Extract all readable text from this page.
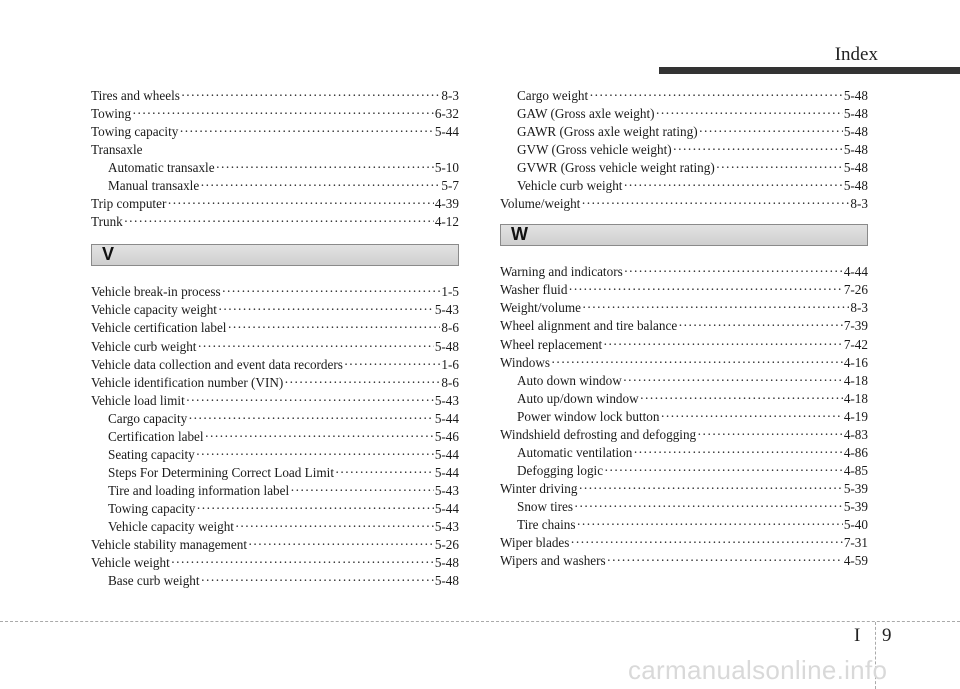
Index
Tires and wheels ·····	8-3
Towing ·····	6-32
Towing capacity ·····	5-44
Transaxle
Automatic transaxle ·····	5-10
Manual transaxle ·····	5-7
Trip computer ·····	4-39
Trunk ·····	4-12
V
Vehicle break-in process ·····	1-5
Vehicle capacity weight ·····	5-43
Vehicle certification label ·····	8-6
Vehicle curb weight ·····	5-48
Vehicle data collection and event data recorders ·····	1-6
Vehicle identification number (VIN) ·····	8-6
Vehicle load limit ·····	5-43
Cargo capacity ·····	5-44
Certification label ·····	5-46
Seating capacity ·····	5-44
Steps For Determining Correct Load Limit ·····	5-44
Tire and loading information label ·····	5-43
Towing capacity ·····	5-44
Vehicle capacity weight ·····	5-43
Vehicle stability management ·····	5-26
Vehicle weight ·····	5-48
Base curb weight ·····	5-48
Cargo weight ·····	5-48
GAW (Gross axle weight) ·····	5-48
GAWR (Gross axle weight rating) ·····	5-48
GVW (Gross vehicle weight) ·····	5-48
GVWR (Gross vehicle weight rating) ·····	5-48
Vehicle curb weight ·····	5-48
Volume/weight ·····	8-3
W
Warning and indicators ·····	4-44
Washer fluid ·····	7-26
Weight/volume ·····	8-3
Wheel alignment and tire balance ·····	7-39
Wheel replacement ·····	7-42
Windows ·····	4-16
Auto down window ·····	4-18
Auto up/down window ·····	4-18
Power window lock button ·····	4-19
Windshield defrosting and defogging ·····	4-83
Automatic ventilation ·····	4-86
Defogging logic ·····	4-85
Winter driving ·····	5-39
Snow tires ·····	5-39
Tire chains ·····	5-40
Wiper blades ·····	7-31
Wipers and washers ·····	4-59
I 9
carmanualsonline.info
